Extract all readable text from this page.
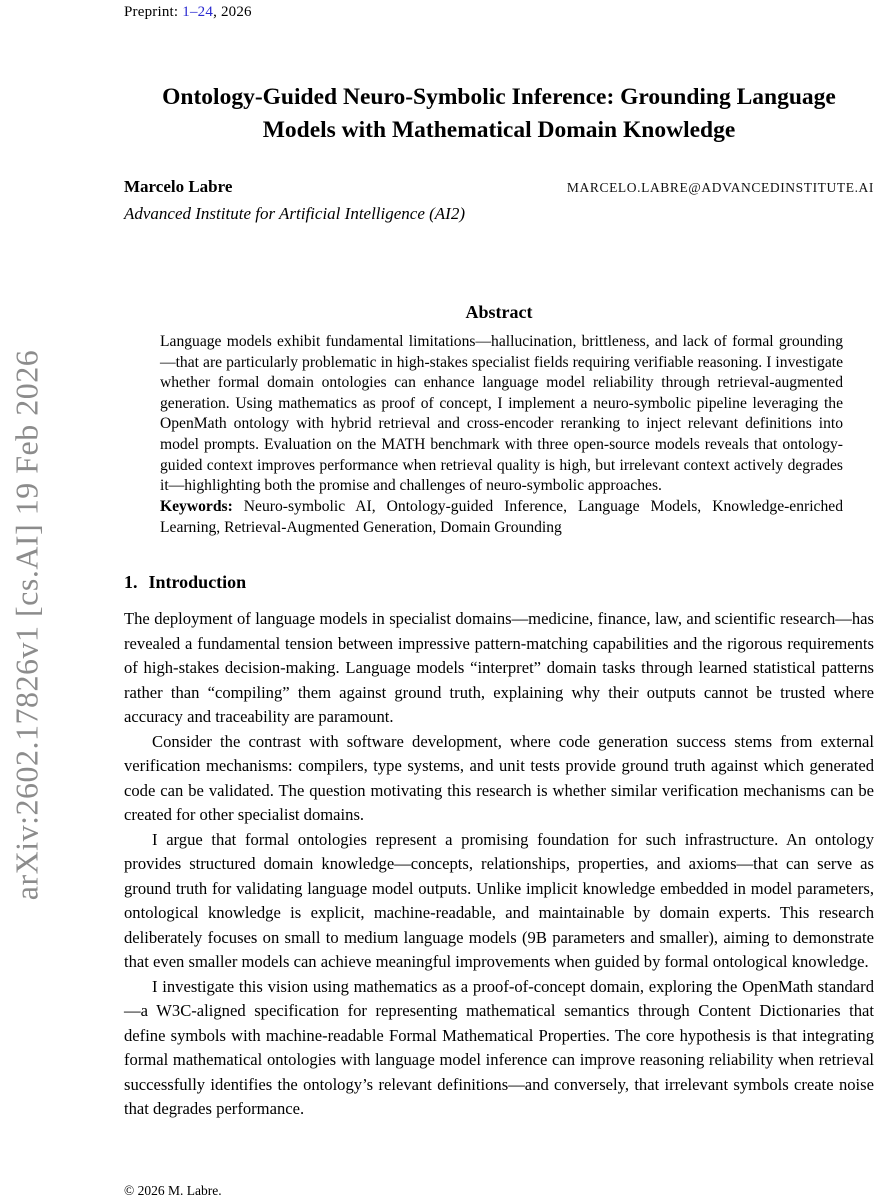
arXiv:2602.17826v1 [cs.AI] 19 Feb 2026
Preprint: 1–24, 2026
Ontology-Guided Neuro-Symbolic Inference: Grounding Language Models with Mathematical Domain Knowledge
Marcelo Labre	MARCELO.LABRE@ADVANCEDINSTITUTE.AI
Advanced Institute for Artificial Intelligence (AI2)
Abstract

Language models exhibit fundamental limitations—hallucination, brittleness, and lack of formal grounding—that are particularly problematic in high-stakes specialist fields requiring verifiable reasoning. I investigate whether formal domain ontologies can enhance language model reliability through retrieval-augmented generation. Using mathematics as proof of concept, I implement a neuro-symbolic pipeline leveraging the OpenMath ontology with hybrid retrieval and cross-encoder reranking to inject relevant definitions into model prompts. Evaluation on the MATH benchmark with three open-source models reveals that ontology-guided context improves performance when retrieval quality is high, but irrelevant context actively degrades it—highlighting both the promise and challenges of neuro-symbolic approaches.

Keywords: Neuro-symbolic AI, Ontology-guided Inference, Language Models, Knowledge-enriched Learning, Retrieval-Augmented Generation, Domain Grounding

1. Introduction

The deployment of language models in specialist domains—medicine, finance, law, and scientific research—has revealed a fundamental tension between impressive pattern-matching capabilities and the rigorous requirements of high-stakes decision-making. Language models “interpret” domain tasks through learned statistical patterns rather than “compiling” them against ground truth, explaining why their outputs cannot be trusted where accuracy and traceability are paramount.

Consider the contrast with software development, where code generation success stems from external verification mechanisms: compilers, type systems, and unit tests provide ground truth against which generated code can be validated. The question motivating this research is whether similar verification mechanisms can be created for other specialist domains.

I argue that formal ontologies represent a promising foundation for such infrastructure. An ontology provides structured domain knowledge—concepts, relationships, properties, and axioms—that can serve as ground truth for validating language model outputs. Unlike implicit knowledge embedded in model parameters, ontological knowledge is explicit, machine-readable, and maintainable by domain experts. This research deliberately focuses on small to medium language models (9B parameters and smaller), aiming to demonstrate that even smaller models can achieve meaningful improvements when guided by formal ontological knowledge.

I investigate this vision using mathematics as a proof-of-concept domain, exploring the OpenMath standard—a W3C-aligned specification for representing mathematical semantics through Content Dictionaries that define symbols with machine-readable Formal Mathematical Properties. The core hypothesis is that integrating formal mathematical ontologies with language model inference can improve reasoning reliability when retrieval successfully identifies the ontology’s relevant definitions—and conversely, that irrelevant symbols create noise that degrades performance.

© 2026 M. Labre.
